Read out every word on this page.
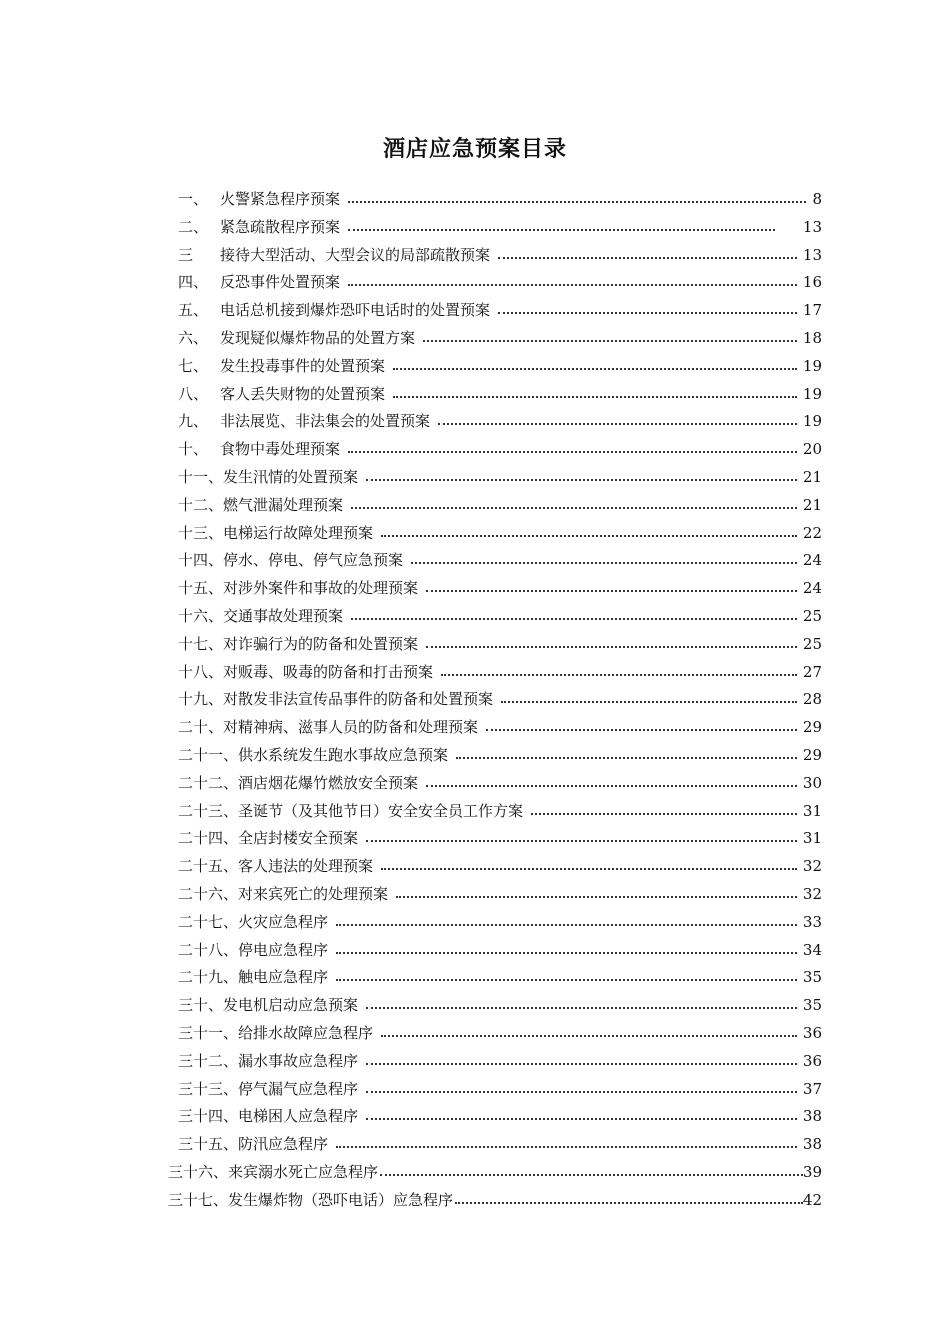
酒店应急预案目录
一、 火警紧急程序预案	8
二、 紧急疏散程序预案	13
三	接待大型活动、大型会议的局部疏散预案	13
四、 反恐事件处置预案	16
五、 电话总机接到爆炸恐吓电话时的处置预案	17
六、 发现疑似爆炸物品的处置方案	18
七、 发生投毒事件的处置预案	19
八、 客人丢失财物的处置预案	19
九、 非法展览、非法集会的处置预案	19
十、 食物中毒处理预案	20
十一、 发生汛情的处置预案	21
十二、 燃气泄漏处理预案	21
十三、 电梯运行故障处理预案	22
十四、 停水、停电、停气应急预案	24
十五、 对涉外案件和事故的处理预案	24
十六、 交通事故处理预案	25
十七、 对诈骗行为的防备和处置预案	25
十八、 对贩毒、吸毒的防备和打击预案	27
十九、 对散发非法宣传品事件的防备和处置预案	28
二十、 对精神病、滋事人员的防备和处理预案	29
二十一、 供水系统发生跑水事故应急预案	29
二十二、 酒店烟花爆竹燃放安全预案	30
二十三、 圣诞节（及其他节日）安全安全员工作方案	31
二十四、 全店封楼安全预案	31
二十五、 客人违法的处理预案	32
二十六、 对来宾死亡的处理预案	32
二十七、 火灾应急程序	33
二十八、 停电应急程序	34
二十九、 触电应急程序	35
三十、 发电机启动应急预案	35
三十一、 给排水故障应急程序	36
三十二、 漏水事故应急程序	36
三十三、 停气漏气应急程序	37
三十四、 电梯困人应急程序	38
三十五、 防汛应急程序	38
三十六、 来宾溺水死亡应急程序	39
三十七、 发生爆炸物（恐吓电话）应急程序	42
